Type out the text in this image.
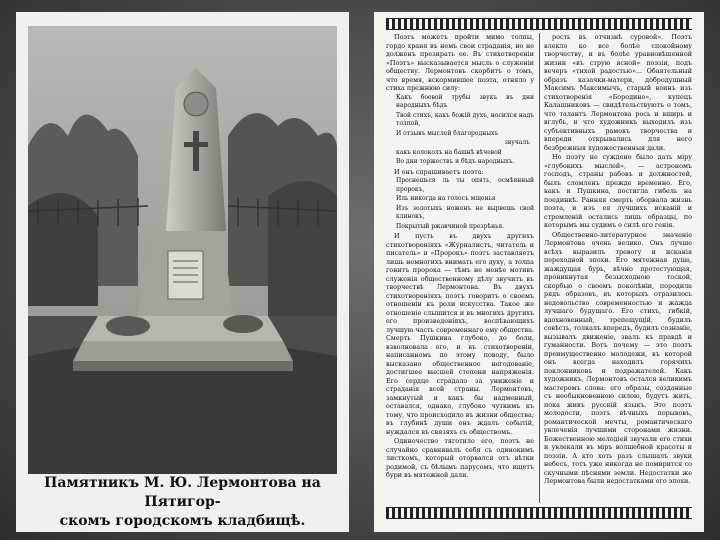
Памятникъ М. Ю. Лермонтова на Пятигор-
скомъ городскомъ кладбищѣ.

Поэтъ можетъ пройти мимо толпы, гордо храня въ немъ свои страданія, но не долженъ презирать ее. Въ стихотвореніи «Поэтъ» высказывается мысль о служеніи обществу. Лермонтовъ скорбитъ о томъ, что время, вскормившее поэта, отняло у стиха прежнюю силу:

Какъ боевой трубы звукъ въ дни народныхъ бѣдъ

Твой стихъ, какъ божій духъ, носился надъ толпой,

И отзывъ мыслей благородныхъ

звучалъ

какъ колоколъ на башнѣ вѣчевой

Во дни торжествъ и бѣдъ народныхъ.

И онъ спрашиваетъ поэта:

Проснешься ль ты опять, осмѣянный пророкъ,

Иль никогда на голосъ мщенья

Изъ золотыхъ ноженъ не вырвешь свой клинокъ,

Покрытый ржавчиной презрѣнья.

И пусть въ двухъ другихъ стихотвореніяхъ «Журналистъ, читатель и писатель» и «Пророкъ» поэтъ заставляетъ лишь немногихъ внимать его духу, а толпа гонитъ пророка — тѣмъ не менѣе мотивъ служенія общественному дѣлу звучитъ въ творчествѣ Лермонтова. Въ двухъ стихотвореніяхъ поэтъ говоритъ о своемъ отношеніи къ роли искусства. Такое же отношеніе слышится и въ многихъ другихъ его произведеніяхъ, воспѣвающихъ лучшую часть современнаго ему общества. Смерть Пушкина глубоко, до боли, взволновала его, и въ стихотвореніи, написанномъ по этому поводу, было высказано общественное негодованіе, достигшее высшей степени напряженія. Его сердце страдало за униженіе и страданія всей страны. Лермонтовъ, замкнутый и какъ бы надменный, оставался, однако, глубоко чуткимъ къ тому, что происходило въ жизни общества; въ глубинѣ души онъ ждалъ событій, нуждался въ связяхъ съ обществомъ.

Одиночество тяготило его, поэтъ не случайно сравнивалъ себя съ одинокимъ листкомъ, который оторвался отъ вѣтки родимой, съ бѣлымъ парусомъ, что ищетъ бури въ мятежной дали.

рость въ отчизнѣ суровой». Поэтъ влекло ко все болѣе спокойному творчеству, и въ болѣе уравновѣшенной жизни «въ струю ясной» поэзіи, подъ вечеръ «тихой радостью»... Обаятельный образъ казачки-матери, добродушный Максимъ Максимычъ, старый воинъ изъ стихотворенія «Бородино», купецъ Калашниковъ — свидѣтельствуютъ о томъ, что талантъ Лермонтова рось и вширь и вглубь, и что художникъ выходилъ изъ субъективныхъ рамокъ творчества и впереди открывались для него безбрежныя художественныя дали.

Но поэту не суждено было дать міру «глубокихъ мыслей», — астрономъ господъ, страны рабовъ и должностей, былъ сломленъ прежде временно. Его, какъ и Пушкина, постигла гибель на поединкѣ. Ранняя смерть оборвала жизнь поэта, и изъ ея лучшихъ исканій и стремленій остались лишь образцы, по которымъ мы судимъ о силѣ его генія.

Общественно-литературное значеніе Лермонтова очень велико. Онъ лучше всѣхъ выразилъ тревогу и исканія переходной эпохи. Его мятежная душа, жаждущая бурь, вѣчно протестующая, проникнутая безысходною тоской, скорбью о своемъ поколѣніи, породила рядъ образовъ, въ которыхъ отразилось недовольство современностью и жажда лучшаго будущаго. Его стихъ, гибкій, вдохновенный, трепещущій, будилъ совѣсть, толкалъ впередъ, будилъ сознаніе, вызывалъ движеніе, звалъ къ правдѣ и гуманности. Вотъ почему — это поэтъ преимущественно молодежи, въ которой онъ всегда находилъ горячихъ поклонниковъ и подражателей. Какъ художникъ, Лермонтовъ остался великимъ мастеромъ слова: его образы, созданные съ необыкновенною силою, будутъ жить, пока живъ русскій языкъ. Это поэтъ молодости, поэтъ вѣчныхъ порывовъ, романтической мечты, романтическаго увлеченія лучшими сторонами жизни. Божественною мелодіей звучали его стихи и увлекали въ міръ волшебной красоты и поэзіи. А кто хоть разъ слышалъ звуки небесъ, тотъ уже никогда не помирится со скучными пѣснями земли. Недостатки же Лермонтова были недостатками его эпохи.
